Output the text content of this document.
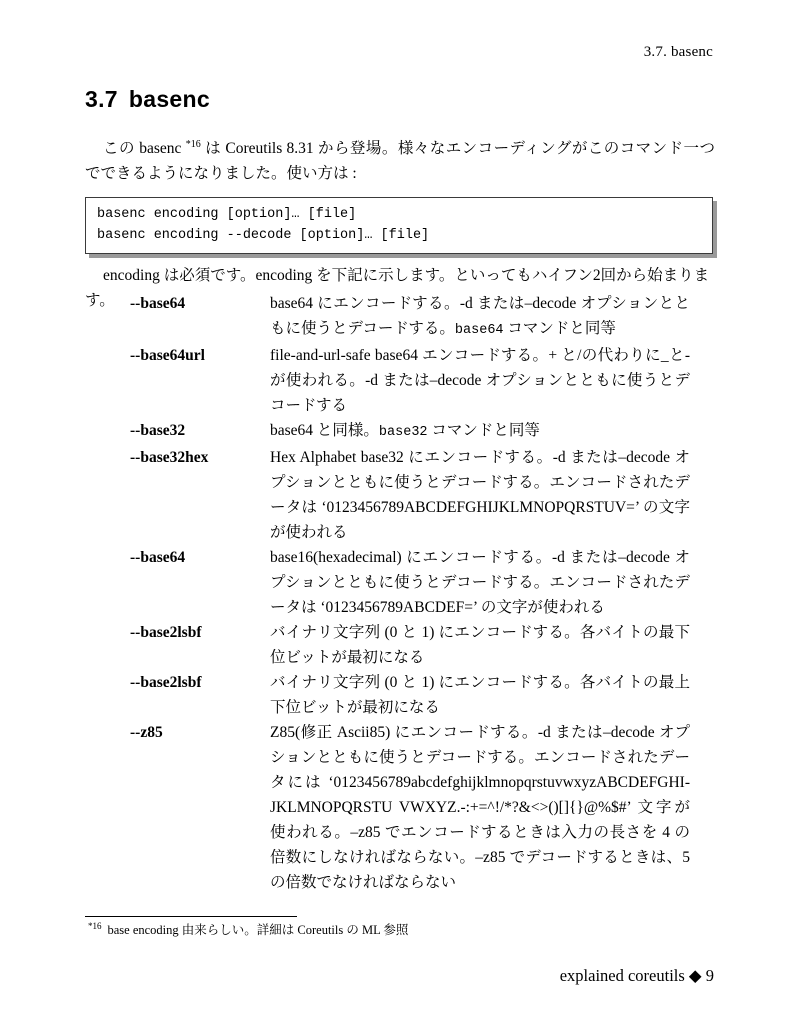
3.7. basenc
3.7 basenc

この basenc $^{*16}$ は Coreutils 8.31 から登場。様々なエンコーディングがこのコマンド一つでできるようになりました。使い方は :

basenc encoding [option]… [file]
basenc encoding --decode [option]… [file]

encoding は必須です。encoding を下記に示します。といってもハイフン2回から始まります。 --base64	base64 にエンコードする。-d または–decode オプションとともに使うとデコードする。base64 コマンドと同等
--base64url	file-and-url-safe base64 エンコードする。+ と/の代わりに_と- が使われる。-d または–decode オプションとともに使うとデコードする
--base32	base64 と同様。base32 コマンドと同等
--base32hex	Hex Alphabet base32 にエンコードする。-d または–decode オプションとともに使うとデコードする。エンコードされたデータは ‘0123456789ABCDEFGHIJKLMNOPQRSTUV=’ の文字が使われる
--base64	base16(hexadecimal) にエンコードする。-d または–decode オプションとともに使うとデコードする。エンコードされたデータは ‘0123456789ABCDEF=’ の文字が使われる
--base2lsbf	バイナリ文字列 (0 と 1) にエンコードする。各バイトの最下位ビットが最初になる
--base2lsbf	バイナリ文字列 (0 と 1) にエンコードする。各バイトの最上下位ビットが最初になる
--z85	Z85(修正 Ascii85) にエンコードする。-d または–decode オプションとともに使うとデコードする。エンコードされたデータには ‘0123456789abcdefghijklmnopqrstuvwxyzABCDEFGHI-JKLMNOPQRSTU VWXYZ.-:+=^!/*?&<>()[]{}@%$#’ 文字が使われる。–z85 でエンコードするときは入力の長さを 4 の倍数にしなければならない。–z85 でデコードするときは、5 の倍数でなければならない
$^{*16}$ base encoding 由来らしい。詳細は Coreutils の ML 参照
explained coreutils ◆ 9
